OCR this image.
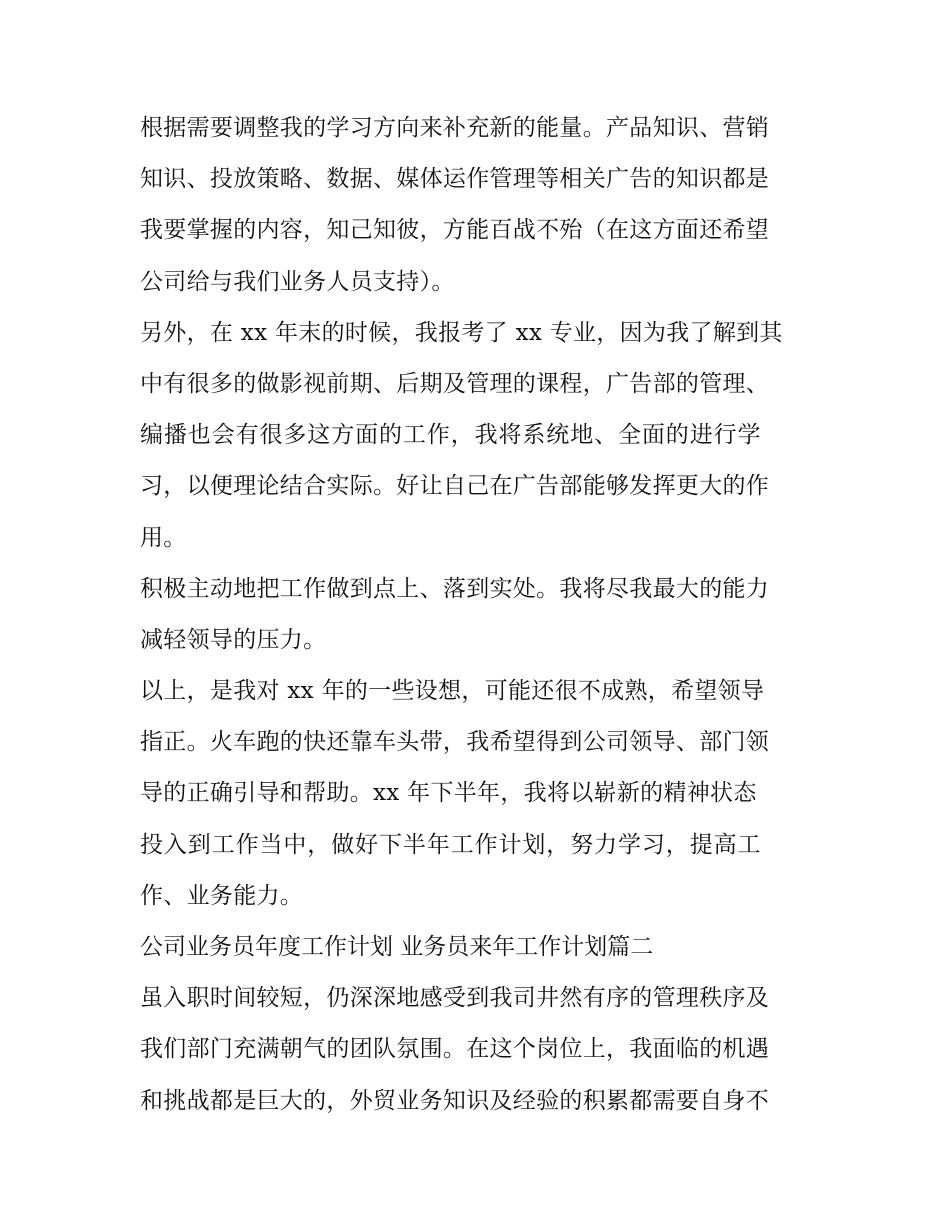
根据需要调整我的学习方向来补充新的能量。产品知识、营销
知识、投放策略、数据、媒体运作管理等相关广告的知识都是
我要掌握的内容，知己知彼，方能百战不殆（在这方面还希望
公司给与我们业务人员支持）。
另外，在 xx 年末的时候，我报考了 xx 专业，因为我了解到其
中有很多的做影视前期、后期及管理的课程，广告部的管理、
编播也会有很多这方面的工作，我将系统地、全面的进行学
习，以便理论结合实际。好让自己在广告部能够发挥更大的作
用。
积极主动地把工作做到点上、落到实处。我将尽我最大的能力
减轻领导的压力。
以上，是我对 xx 年的一些设想，可能还很不成熟，希望领导
指正。火车跑的快还靠车头带，我希望得到公司领导、部门领
导的正确引导和帮助。xx 年下半年，我将以崭新的精神状态
投入到工作当中，做好下半年工作计划，努力学习，提高工
作、业务能力。
公司业务员年度工作计划 业务员来年工作计划篇二
虽入职时间较短，仍深深地感受到我司井然有序的管理秩序及
我们部门充满朝气的团队氛围。在这个岗位上，我面临的机遇
和挑战都是巨大的，外贸业务知识及经验的积累都需要自身不
